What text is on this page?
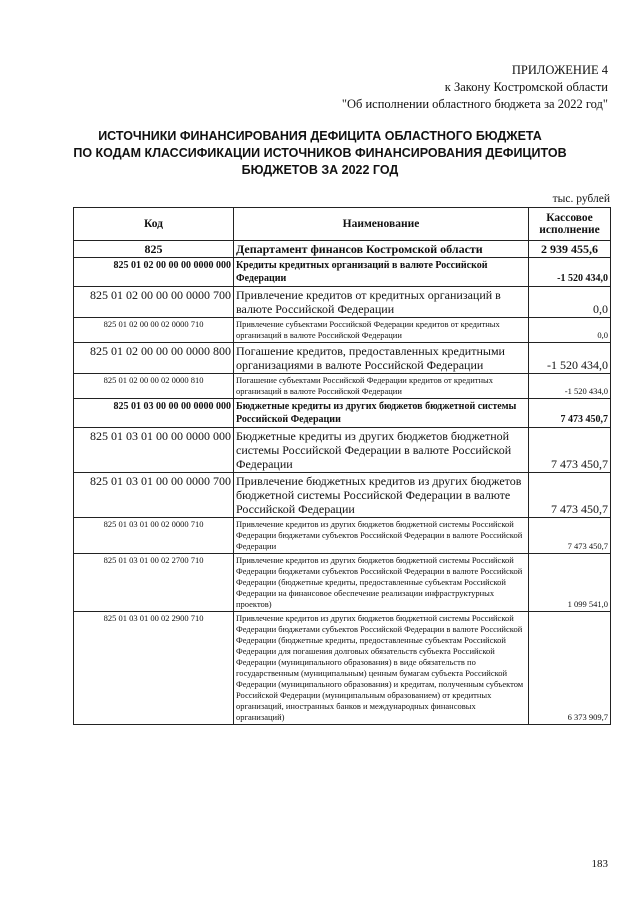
ПРИЛОЖЕНИЕ 4
к Закону Костромской области
"Об исполнении областного бюджета за 2022 год"
ИСТОЧНИКИ ФИНАНСИРОВАНИЯ ДЕФИЦИТА ОБЛАСТНОГО БЮДЖЕТА
ПО КОДАМ КЛАССИФИКАЦИИ ИСТОЧНИКОВ ФИНАНСИРОВАНИЯ ДЕФИЦИТОВ
БЮДЖЕТОВ ЗА 2022 ГОД
тыс. рублей
Код	Наименование	Кассовое исполнение
825	Департамент финансов Костромской области	2 939 455,6
825 01 02 00 00 00 0000 000	Кредиты кредитных организаций в валюте Российской Федерации	-1 520 434,0
825 01 02 00 00 00 0000 700	Привлечение кредитов от кредитных организаций в валюте Российской Федерации	0,0
825 01 02 00 00 02 0000 710	Привлечение субъектами Российской Федерации кредитов от кредитных организаций в валюте Российской Федерации	0,0
825 01 02 00 00 00 0000 800	Погашение кредитов, предоставленных кредитными организациями в валюте Российской Федерации	-1 520 434,0
825 01 02 00 00 02 0000 810	Погашение субъектами Российской Федерации кредитов от кредитных организаций в валюте Российской Федерации	-1 520 434,0
825 01 03 00 00 00 0000 000	Бюджетные кредиты из других бюджетов бюджетной системы Российской Федерации	7 473 450,7
825 01 03 01 00 00 0000 000	Бюджетные кредиты из других бюджетов бюджетной системы Российской Федерации в валюте Российской Федерации	7 473 450,7
825 01 03 01 00 00 0000 700	Привлечение бюджетных кредитов из других бюджетов бюджетной системы Российской Федерации в валюте Российской Федерации	7 473 450,7
825 01 03 01 00 02 0000 710	Привлечение кредитов из других бюджетов бюджетной системы Российской Федерации бюджетами субъектов Российской Федерации в валюте Российской Федерации	7 473 450,7
825 01 03 01 00 02 2700 710	Привлечение кредитов из других бюджетов бюджетной системы Российской Федерации бюджетами субъектов Российской Федерации в валюте Российской Федерации (бюджетные кредиты, предоставленные субъектам Российской Федерации на финансовое обеспечение реализации инфраструктурных проектов)	1 099 541,0
825 01 03 01 00 02 2900 710	Привлечение кредитов из других бюджетов бюджетной системы Российской Федерации бюджетами субъектов Российской Федерации в валюте Российской Федерации (бюджетные кредиты, предоставленные субъектам Российской Федерации для погашения долговых обязательств субъекта Российской Федерации (муниципального образования) в виде обязательств по государственным (муниципальным) ценным бумагам субъекта Российской Федерации (муниципального образования) и кредитам, полученным субъектом Российской Федерации (муниципальным образованием) от кредитных организаций, иностранных банков и международных финансовых организаций)	6 373 909,7
183
